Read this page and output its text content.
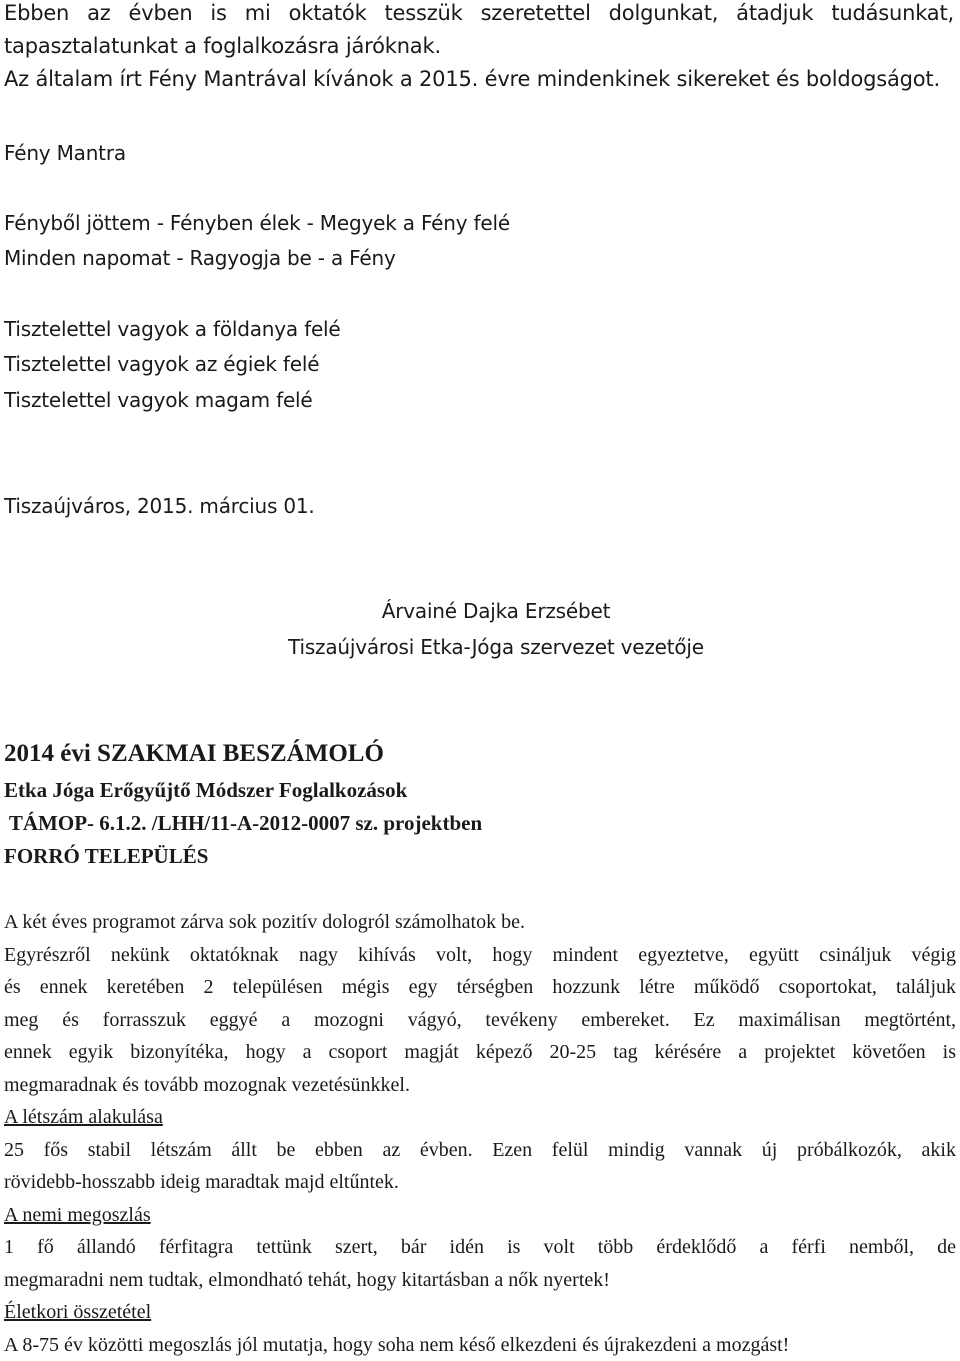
Ebben az évben is mi oktatók tesszük szeretettel dolgunkat, átadjuk tudásunkat,
tapasztalatunkat a foglalkozásra járóknak.
Az általam írt Fény Mantrával kívánok a 2015. évre mindenkinek sikereket és boldogságot.
Fény Mantra
Fényből jöttem - Fényben élek - Megyek a Fény felé
Minden napomat - Ragyogja be - a Fény
Tisztelettel vagyok a földanya felé
Tisztelettel vagyok az égiek felé
Tisztelettel vagyok magam felé
Tiszaújváros, 2015. március 01.
Árvainé Dajka Erzsébet
Tiszaújvárosi Etka-Jóga szervezet vezetője
2014 évi SZAKMAI BESZÁMOLÓ
Etka Jóga Erőgyűjtő Módszer Foglalkozások
TÁMOP- 6.1.2. /LHH/11-A-2012-0007 sz. projektben
FORRÓ TELEPÜLÉS

A két éves programot zárva sok pozitív dologról számolhatok be.

Egyrészről nekünk oktatóknak nagy kihívás volt, hogy mindent egyeztetve, együtt csináljuk végig

és ennek keretében 2 településen mégis egy térségben hozzunk létre működő csoportokat, találjuk

meg és forrasszuk eggyé a mozogni vágyó, tevékeny embereket. Ez maximálisan megtörtént,

ennek egyik bizonyítéka, hogy a csoport magját képező 20-25 tag kérésére a projektet követően is

megmaradnak és tovább mozognak vezetésünkkel.

A létszám alakulása

25 fős stabil létszám állt be ebben az évben. Ezen felül mindig vannak új próbálkozók, akik

rövidebb-hosszabb ideig maradtak majd eltűntek.

A nemi megoszlás

1 fő állandó férfitagra tettünk szert, bár idén is volt több érdeklődő a férfi nemből, de

megmaradni nem tudtak, elmondható tehát, hogy kitartásban a nők nyertek!

Életkori összetétel

A 8-75 év közötti megoszlás jól mutatja, hogy soha nem késő elkezdeni és újrakezdeni a mozgást!
